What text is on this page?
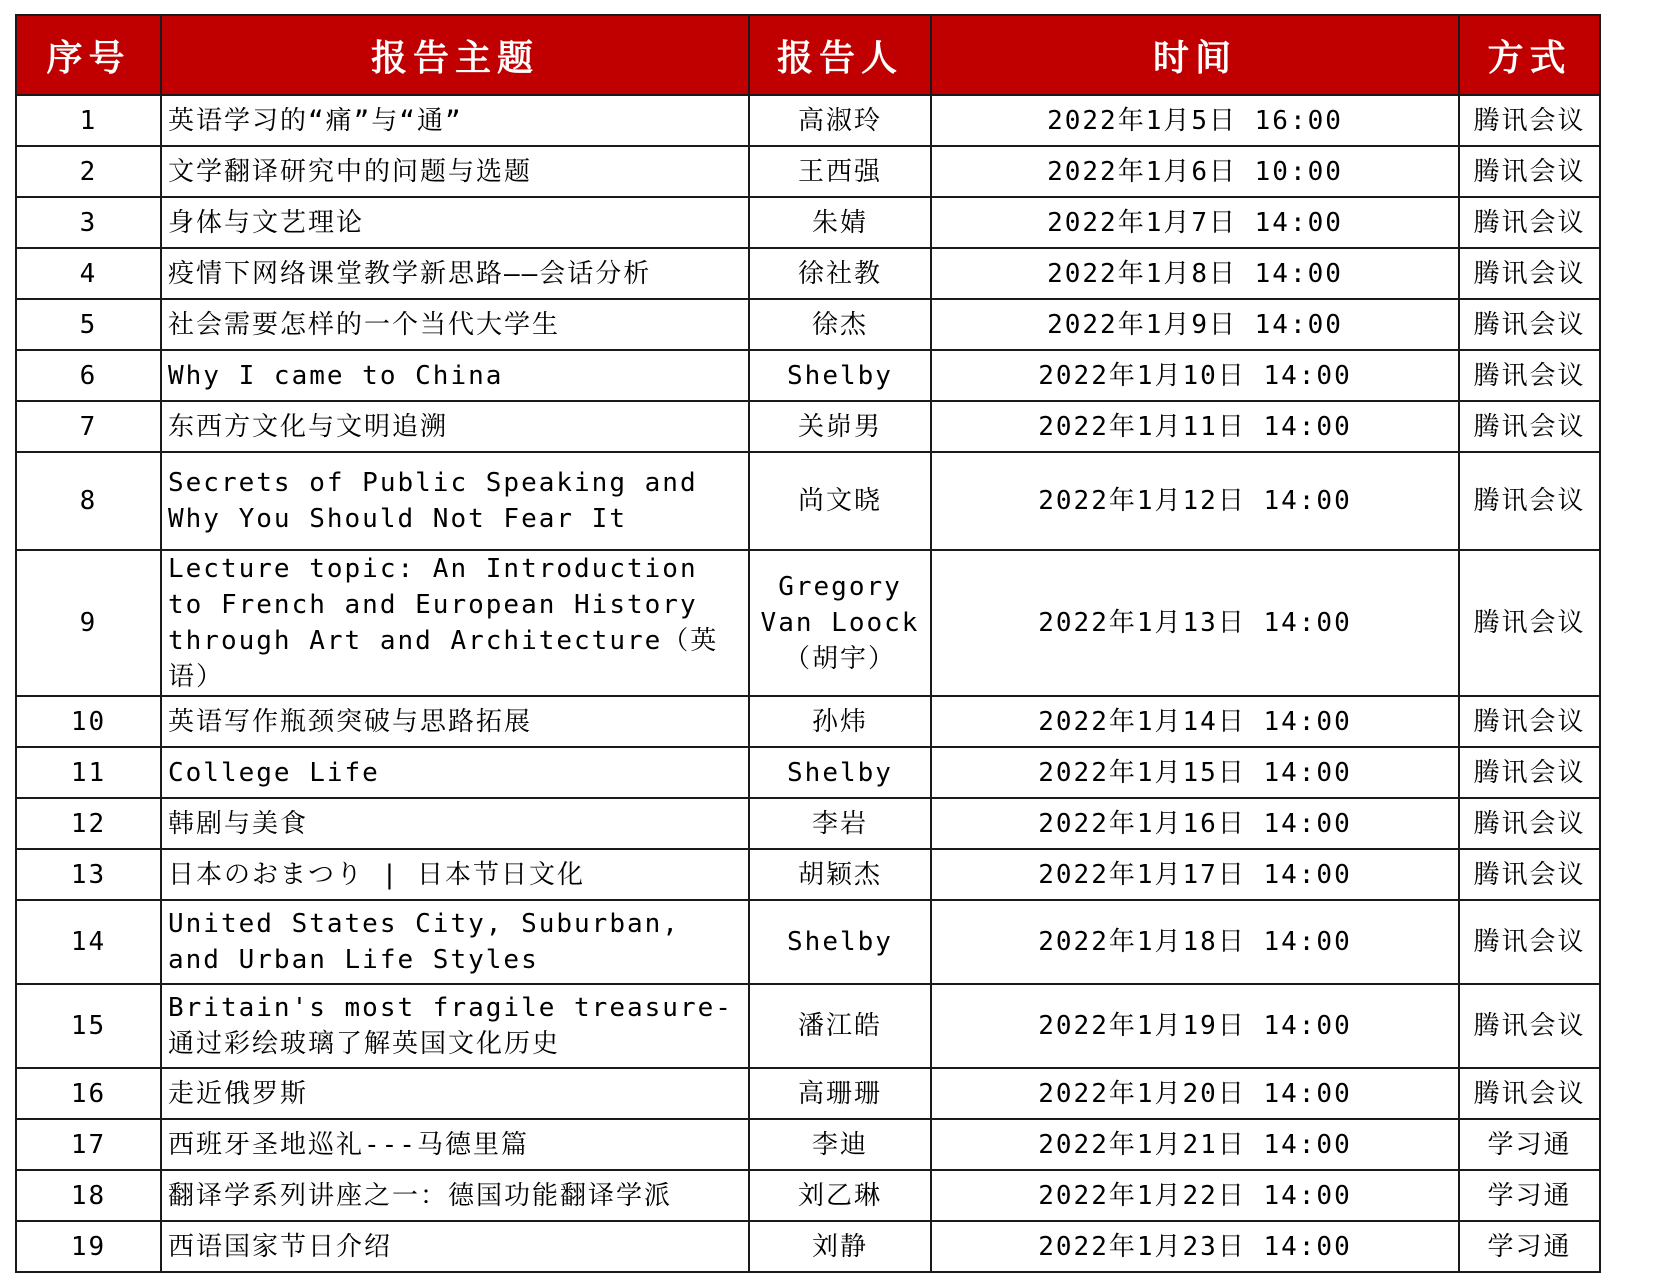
序号	报告主题	报告人	时间	方式
1	英语学习的“痛”与“通”	高淑玲	2022年1月5日 16:00	腾讯会议
2	文学翻译研究中的问题与选题	王西强	2022年1月6日 10:00	腾讯会议
3	身体与文艺理论	朱婧	2022年1月7日 14:00	腾讯会议
4	疫情下网络课堂教学新思路——会话分析	徐社教	2022年1月8日 14:00	腾讯会议
5	社会需要怎样的一个当代大学生	徐杰	2022年1月9日 14:00	腾讯会议
6	Why I came to China	Shelby	2022年1月10日 14:00	腾讯会议
7	东西方文化与文明追溯	关峁男	2022年1月11日 14:00	腾讯会议
8	Secrets of Public Speaking and Why You Should Not Fear It	尚文晓	2022年1月12日 14:00	腾讯会议
9	Lecture topic: An Introduction to French and European History through Art and Architecture（英语）	Gregory Van Loock（胡宇）	2022年1月13日 14:00	腾讯会议
10	英语写作瓶颈突破与思路拓展	孙炜	2022年1月14日 14:00	腾讯会议
11	College Life	Shelby	2022年1月15日 14:00	腾讯会议
12	韩剧与美食	李岩	2022年1月16日 14:00	腾讯会议
13	日本のおまつり | 日本节日文化	胡颖杰	2022年1月17日 14:00	腾讯会议
14	United States City, Suburban, and Urban Life Styles	Shelby	2022年1月18日 14:00	腾讯会议
15	Britain's most fragile treasure-通过彩绘玻璃了解英国文化历史	潘江皓	2022年1月19日 14:00	腾讯会议
16	走近俄罗斯	高珊珊	2022年1月20日 14:00	腾讯会议
17	西班牙圣地巡礼---马德里篇	李迪	2022年1月21日 14:00	学习通
18	翻译学系列讲座之一：德国功能翻译学派	刘乙琳	2022年1月22日 14:00	学习通
19	西语国家节日介绍	刘静	2022年1月23日 14:00	学习通
